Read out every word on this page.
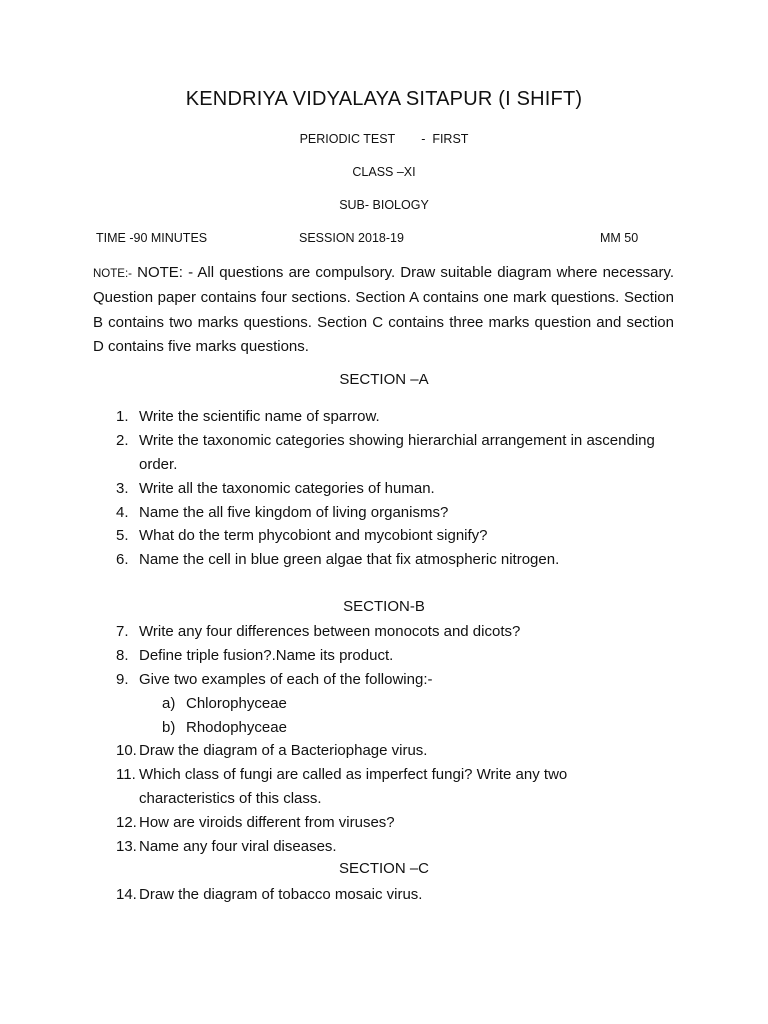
KENDRIYA VIDYALAYA SITAPUR (I SHIFT)
PERIODIC TEST - FIRST
CLASS –XI
SUB- BIOLOGY
TIME -90 MINUTES	SESSION 2018-19	MM 50

NOTE:- NOTE: - All questions are compulsory. Draw suitable diagram where necessary. Question paper contains four sections. Section A contains one mark questions. Section B contains two marks questions. Section C contains three marks question and section D contains five marks questions.

SECTION –A
1. Write the scientific name of sparrow.
2. Write the taxonomic categories showing hierarchial arrangement in ascending order.
3. Write all the taxonomic categories of human.
4. Name the all five kingdom of living organisms?
5. What do the term phycobiont and mycobiont signify?
6. Name the cell in blue green algae that fix atmospheric nitrogen.
SECTION-B
7. Write any four differences between monocots and dicots?
8. Define triple fusion?.Name its product.
9. Give two examples of each of the following:-
a) Chlorophyceae
b) Rhodophyceae
10. Draw the diagram of a Bacteriophage virus.
11. Which class of fungi are called as imperfect fungi? Write any two characteristics of this class.
12. How are viroids different from viruses?
13. Name any four viral diseases.
SECTION –C
14. Draw the diagram of tobacco mosaic virus.
